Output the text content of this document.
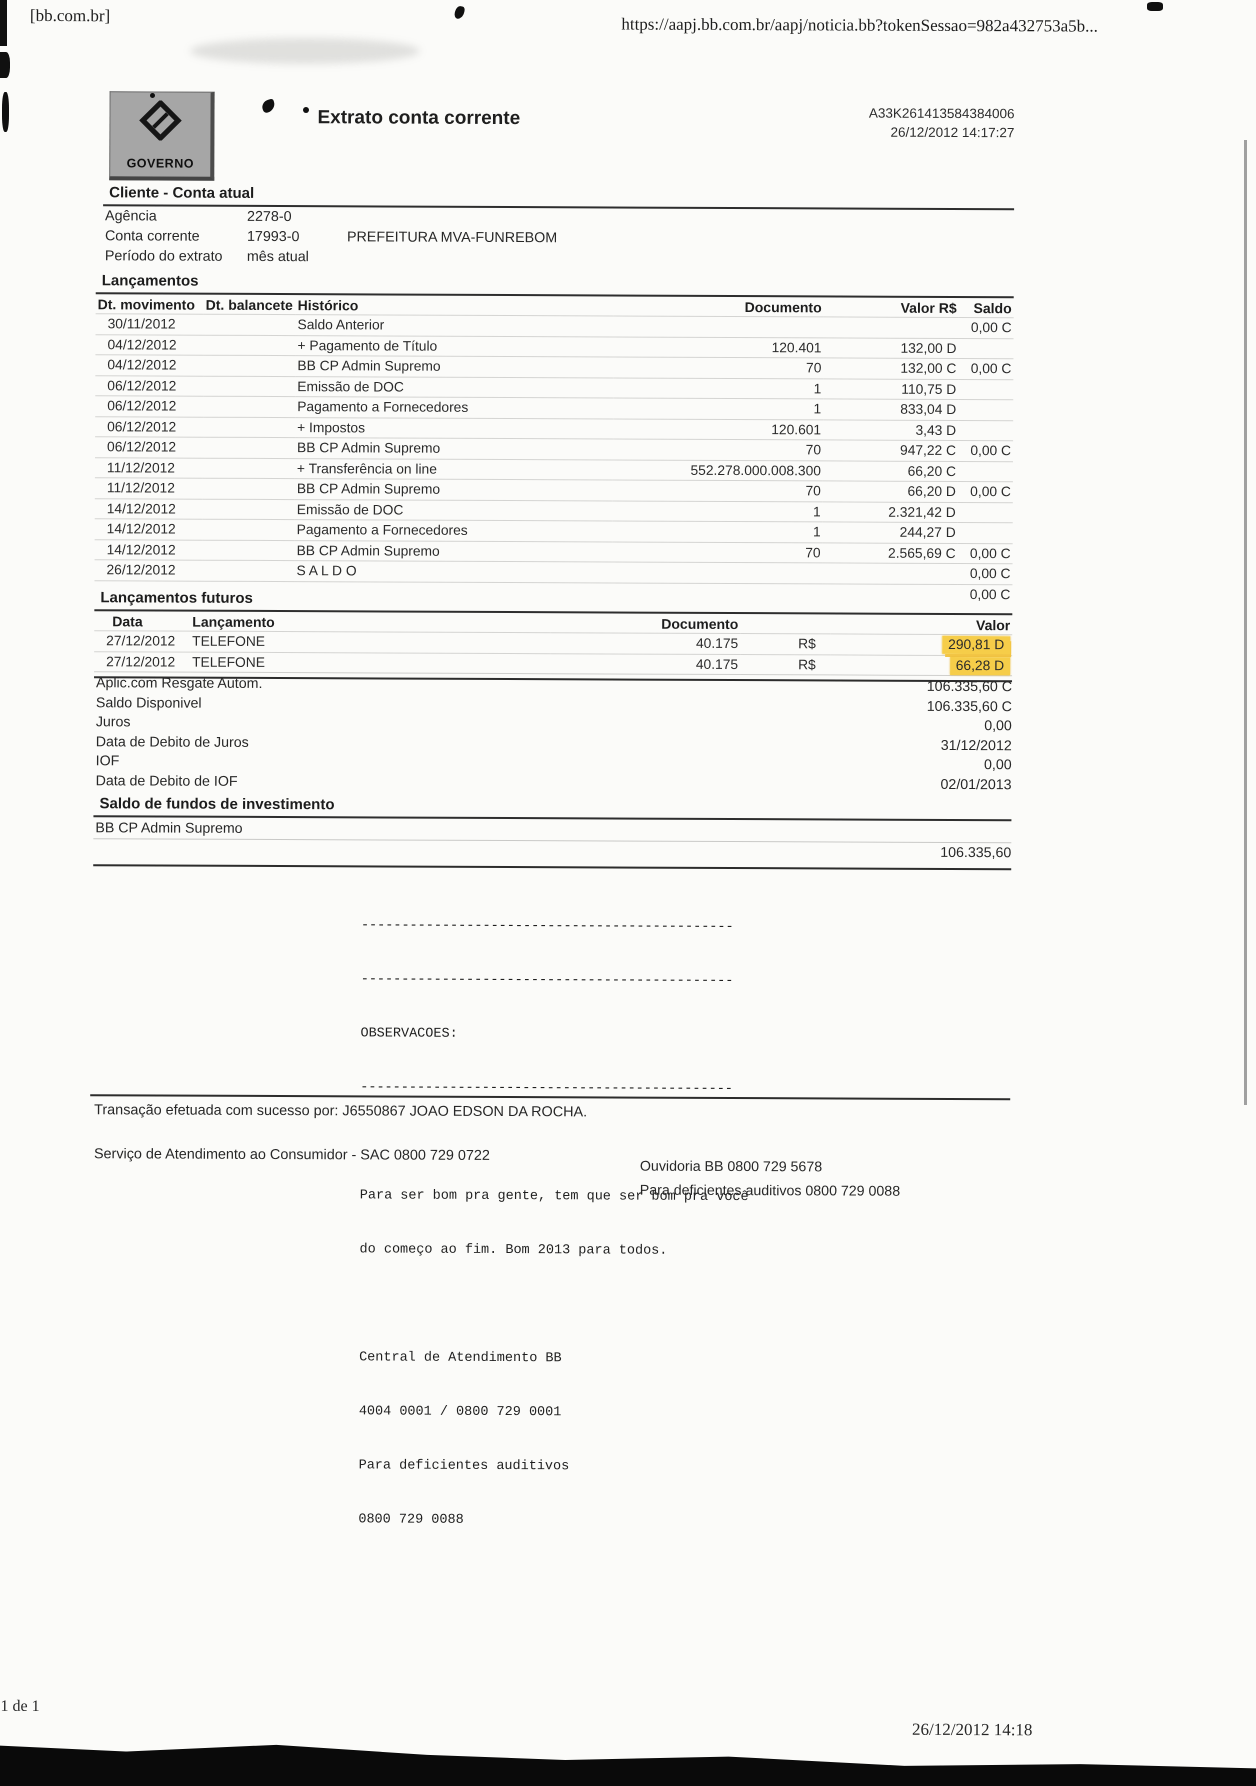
[bb.com.br]	https://aapj.bb.com.br/aapj/noticia.bb?tokenSessao=982a432753a5b...
GOVERNO
Extrato conta corrente	A33K261413584384006
26/12/2012 14:17:27
Cliente - Conta atual
Agência	2278-0
Conta corrente	17993-0	PREFEITURA MVA-FUNREBOM
Período do extrato	mês atual
Lançamentos
Dt. movimento	Dt. balancete	Histórico	Documento	Valor R$	Saldo
30/11/2012		Saldo Anterior			0,00 C
04/12/2012		+ Pagamento de Título	120.401	132,00 D	
04/12/2012		BB CP Admin Supremo	70	132,00 C	0,00 C
06/12/2012		Emissão de DOC	1	110,75 D	
06/12/2012		Pagamento a Fornecedores	1	833,04 D	
06/12/2012		+ Impostos	120.601	3,43 D	
06/12/2012		BB CP Admin Supremo	70	947,22 C	0,00 C
11/12/2012		+ Transferência on line	552.278.000.008.300	66,20 C	
11/12/2012		BB CP Admin Supremo	70	66,20 D	0,00 C
14/12/2012		Emissão de DOC	1	2.321,42 D	
14/12/2012		Pagamento a Fornecedores	1	244,27 D	
14/12/2012		BB CP Admin Supremo	70	2.565,69 C	0,00 C
26/12/2012		S A L D O			0,00 C
					0,00 C
Lançamentos futuros
Data	Lançamento	Documento		Valor
27/12/2012	TELEFONE	40.175	R$	290,81 D
27/12/2012	TELEFONE	40.175	R$	66,28 D
Aplic.com Resgate Autom.	106.335,60 C
Saldo Disponivel	106.335,60 C
Juros	0,00
Data de Debito de Juros	31/12/2012
IOF	0,00
Data de Debito de IOF	02/01/2013
Saldo de fundos de investimento
BB CP Admin Supremo
106.335,60

----------------------------------------------

----------------------------------------------

OBSERVACOES:

----------------------------------------------

Para ser bom pra gente, tem que ser bom pra você

do começo ao fim. Bom 2013 para todos.

Central de Atendimento BB

4004 0001 / 0800 729 0001

Para deficientes auditivos

0800 729 0088

Transação efetuada com sucesso por: J6550867 JOAO EDSON DA ROCHA.
Serviço de Atendimento ao Consumidor - SAC 0800 729 0722
Ouvidoria BB 0800 729 5678
Para deficientes auditivos 0800 729 0088
1 de 1
26/12/2012 14:18
